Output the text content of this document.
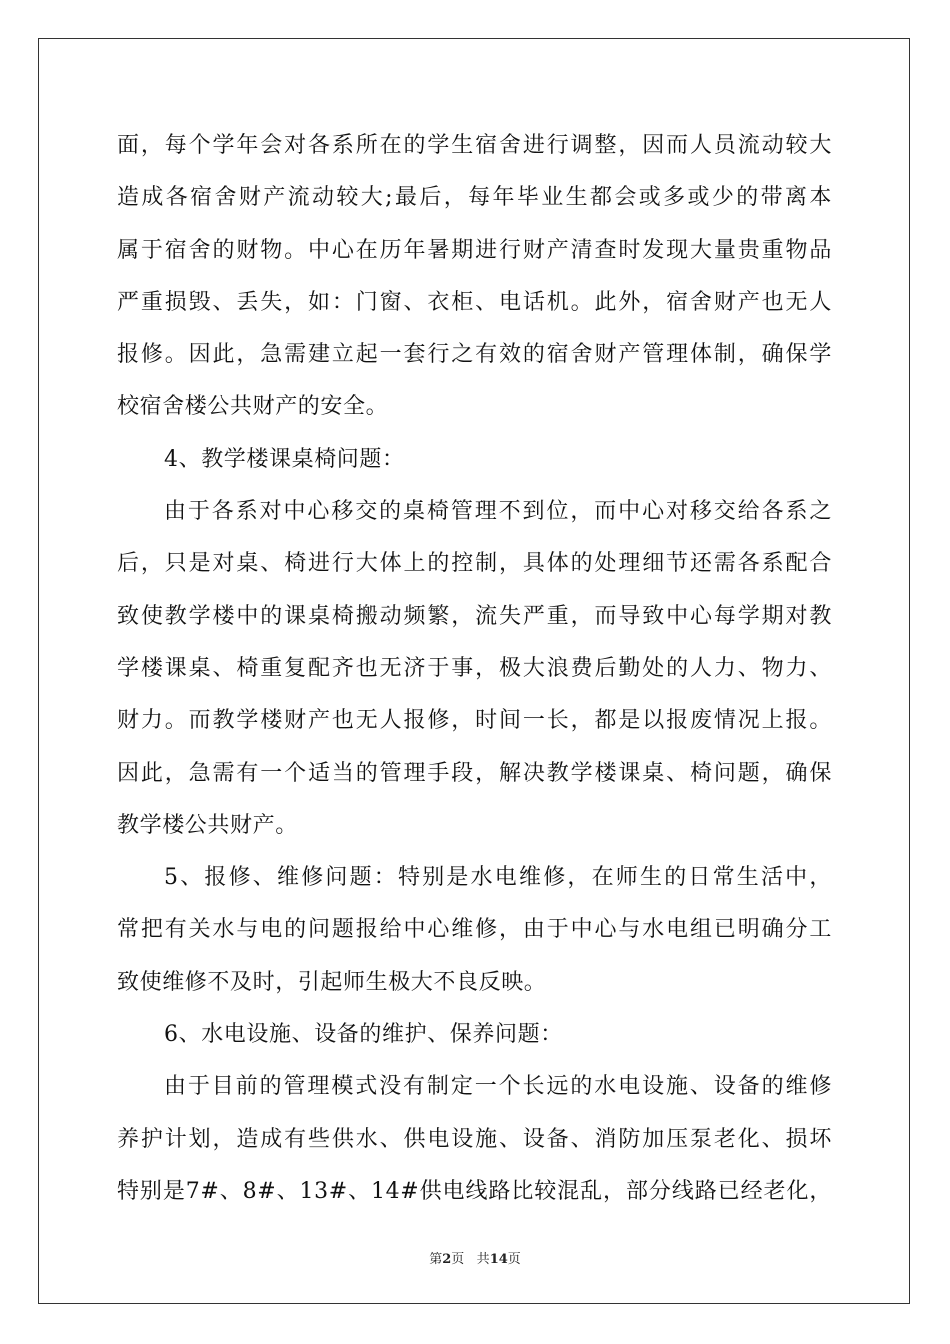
面，每个学年会对各系所在的学生宿舍进行调整，因而人员流动较大
造成各宿舍财产流动较大;最后，每年毕业生都会或多或少的带离本
属于宿舍的财物。中心在历年暑期进行财产清查时发现大量贵重物品
严重损毁、丢失，如：门窗、衣柜、电话机。此外，宿舍财产也无人
报修。因此，急需建立起一套行之有效的宿舍财产管理体制，确保学
校宿舍楼公共财产的安全。
4、教学楼课桌椅问题：
由于各系对中心移交的桌椅管理不到位，而中心对移交给各系之
后，只是对桌、椅进行大体上的控制，具体的处理细节还需各系配合
致使教学楼中的课桌椅搬动频繁，流失严重，而导致中心每学期对教
学楼课桌、椅重复配齐也无济于事，极大浪费后勤处的人力、物力、
财力。而教学楼财产也无人报修，时间一长，都是以报废情况上报。
因此，急需有一个适当的管理手段，解决教学楼课桌、椅问题，确保
教学楼公共财产。
5、报修、维修问题：特别是水电维修，在师生的日常生活中，
常把有关水与电的问题报给中心维修，由于中心与水电组已明确分工
致使维修不及时，引起师生极大不良反映。
6、水电设施、设备的维护、保养问题：
由于目前的管理模式没有制定一个长远的水电设施、设备的维修
养护计划，造成有些供水、供电设施、设备、消防加压泵老化、损坏
特别是7#、8#、13#、14#供电线路比较混乱，部分线路已经老化，
第2页 共14页
